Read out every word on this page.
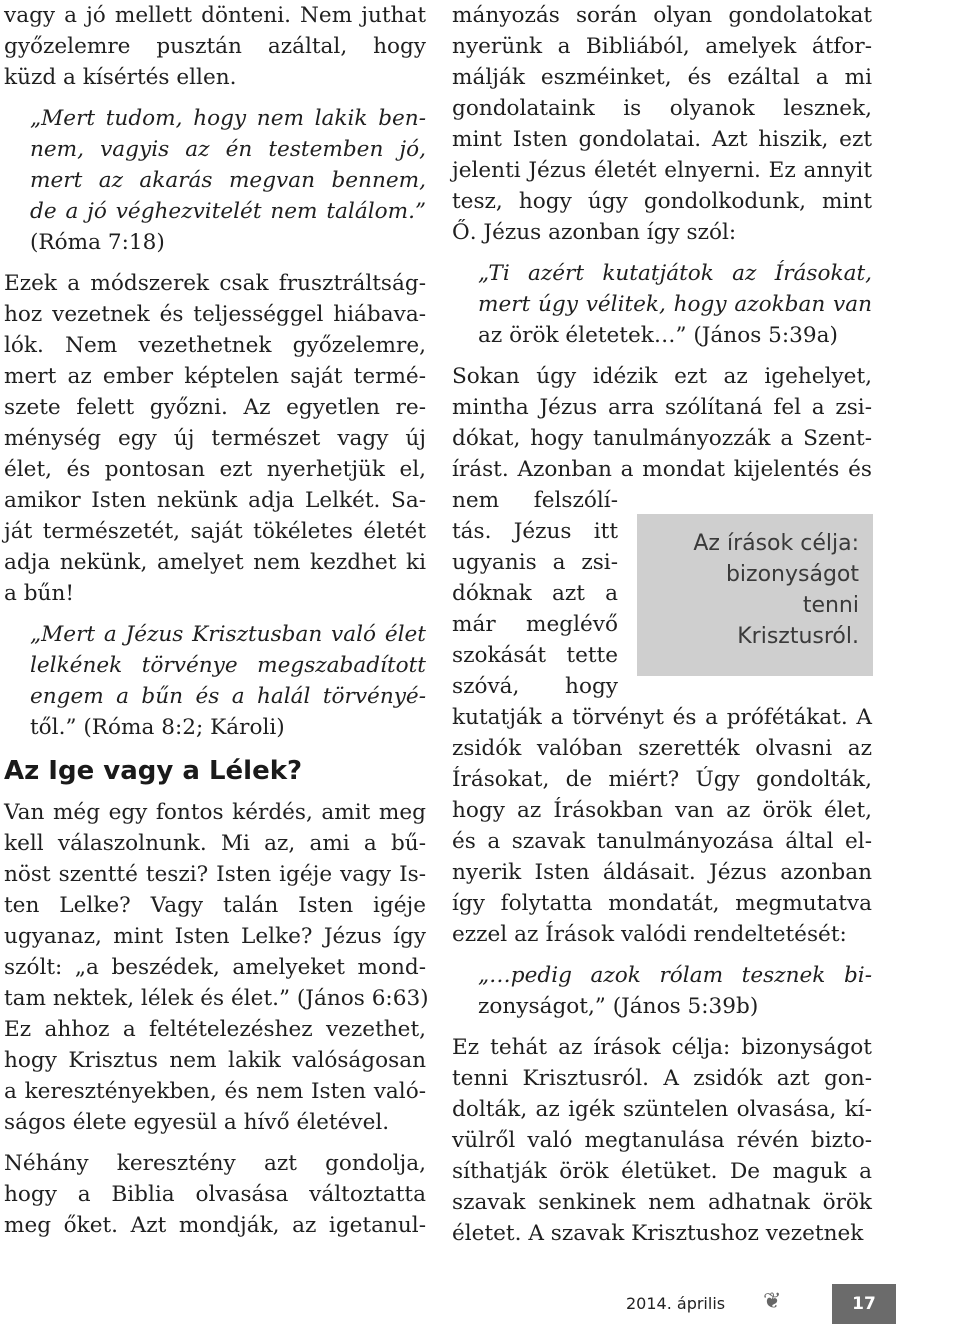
vagy a jó mellett dönteni. Nem juthat
győzelemre pusztán azáltal, hogy
küzd a kísértés ellen.

„Mert tudom, hogy nem lakik ben-
nem, vagyis az én testemben jó,
mert az akarás megvan bennem,
de a jó véghezvitelét nem találom.”
(Róma 7:18)

Ezek a módszerek csak frusztráltság-
hoz vezetnek és teljességgel hiábava-
lók. Nem vezethetnek győzelemre,
mert az ember képtelen saját termé-
szete felett győzni. Az egyetlen re-
ménység egy új természet vagy új
élet, és pontosan ezt nyerhetjük el,
amikor Isten nekünk adja Lelkét. Sa-
ját természetét, saját tökéletes életét
adja nekünk, amelyet nem kezdhet ki
a bűn!

„Mert a Jézus Krisztusban való élet
lelkének törvénye megszabadított
engem a bűn és a halál törvényé-
től.” (Róma 8:2; Károli)

Az Ige vagy a Lélek?

Van még egy fontos kérdés, amit meg
kell válaszolnunk. Mi az, ami a bű-
nöst szentté teszi? Isten igéje vagy Is-
ten Lelke? Vagy talán Isten igéje
ugyanaz, mint Isten Lelke? Jézus így
szólt: „a beszédek, amelyeket mond-
tam nektek, lélek és élet.” (János 6:63)
Ez ahhoz a feltételezéshez vezethet,
hogy Krisztus nem lakik valóságosan
a keresztényekben, és nem Isten való-
ságos élete egyesül a hívő életével.

Néhány keresztény azt gondolja,
hogy a Biblia olvasása változtatta
meg őket. Azt mondják, az igetanul-

mányozás során olyan gondolatokat
nyerünk a Bibliából, amelyek átfor-
málják eszméinket, és ezáltal a mi
gondolataink is olyanok lesznek,
mint Isten gondolatai. Azt hiszik, ezt
jelenti Jézus életét elnyerni. Ez annyit
tesz, hogy úgy gondolkodunk, mint
Ő. Jézus azonban így szól:

„Ti azért kutatjátok az Írásokat,
mert úgy vélitek, hogy azokban van
az örök életetek…” (János 5:39a)

Sokan úgy idézik ezt az igehelyet,
mintha Jézus arra szólítaná fel a zsi-
dókat, hogy tanulmányozzák a Szent-
írást. Azonban a mondat kijelentés és

nem felszólí-
tás. Jézus itt
ugyanis a zsi-
dóknak azt a
már meglévő
szokását tette
szóvá, hogy

kutatják a törvényt és a prófétákat. A
zsidók valóban szerették olvasni az
Írásokat, de miért? Úgy gondolták,
hogy az Írásokban van az örök élet,
és a szavak tanulmányozása által el-
nyerik Isten áldásait. Jézus azonban
így folytatta mondatát, megmutatva
ezzel az Írások valódi rendeltetését:

„…pedig azok rólam tesznek bi-
zonyságot,” (János 5:39b)

Ez tehát az írások célja: bizonyságot
tenni Krisztusról. A zsidók azt gon-
dolták, az igék szüntelen olvasása, kí-
vülről való megtanulása révén bizto-
síthatják örök életüket. De maguk a
szavak senkinek nem adhatnak örök
életet. A szavak Krisztushoz vezetnek

Az írások célja:
bizonyságot
tenni
Krisztusról.
2014. április ❦	17
